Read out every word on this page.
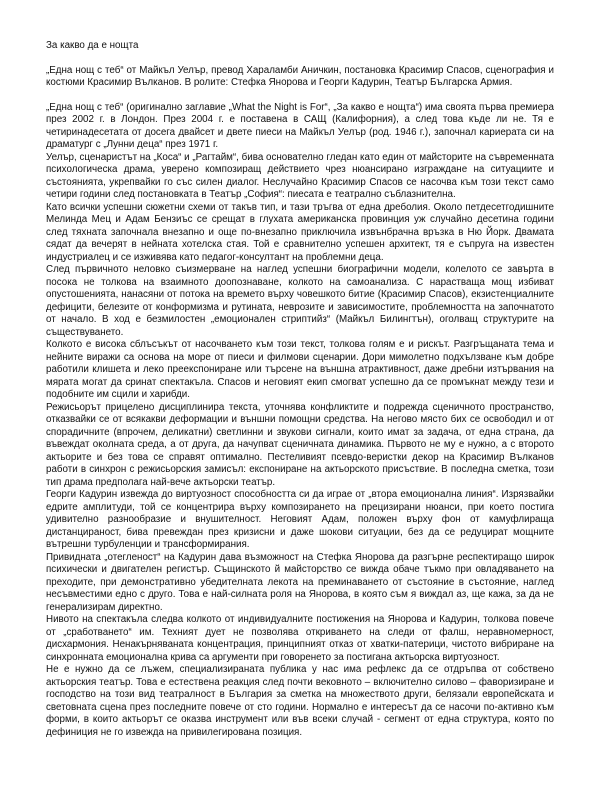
За какво да е нощта

„Една нощ с теб“ от Майкъл Уелър, превод Хараламби Аничкин, постановка Красимир Спасов, сценография и костюми Красимир Вълканов. В ролите: Стефка Янорова и Георги Кадурин, Театър Българска Армия.

„Една нощ с теб“ (оригинално заглавие „What the Night is For“, „За какво е нощта“) има своята първа премиера през 2002 г. в Лондон. През 2004 г. е поставена в САЩ (Калифорния), а след това къде ли не. Тя е четиринадесетата от досега двайсет и двете пиеси на Майкъл Уелър (род. 1946 г.), започнал кариерата си на драматург с „Лунни деца“ през 1971 г.

Уелър, сценаристът на „Коса“ и „Рагтайм“, бива основателно гледан като един от майсторите на съвременната психологическа драма, уверено композиращ действието чрез нюансирано изграждане на ситуациите и състоянията, укрепвайки го със силен диалог. Неслучайно Красимир Спасов се насочва към този текст само четири години след постановката в Театър „София“: пиесата е театрално съблазнителна.

Като всички успешни сюжетни схеми от такъв тип, и тази тръгва от една дреболия. Около петдесетгодишните Мелинда Мец и Адам Бензиъс се срещат в глухата американска провинция уж случайно десетина години след тяхната започнала внезапно и още по-внезапно приключила извънбрачна връзка в Ню Йорк. Двамата сядат да вечерят в нейната хотелска стая. Той е сравнително успешен архитект, тя е съпруга на известен индустриалец и се изживява като педагог-консултант на проблемни деца.

След първичното неловко съизмерване на наглед успешни биографични модели, колелото се завърта в посока не толкова на взаимното доопознаване, колкото на самоанализа. С нарастваща мощ избиват опустошенията, нанасяни от потока на времето върху човешкото битие (Красимир Спасов), екзистенциалните дефицити, белезите от конформизма и рутината, неврозите и зависимостите, проблемността на започнатото от начало. В ход е безмилостен „емоционален стриптийз“ (Майкъл Билингтън), оголващ структурите на съществуването.

Колкото е висока сблъсъкът от насочването към този текст, толкова голям е и рискът. Разгръщаната тема и нейните виражи са основа на море от пиеси и филмови сценарии. Дори мимолетно подхълзване към добре работили клишета и леко преекспониране или търсене на външна атрактивност, даже дребни изтървания на мярата могат да сринат спектакъла. Спасов и неговият екип смогват успешно да се промъкнат между тези и подобните им сцили и харибди.

Режисьорът прицелено дисциплинира текста, уточнява конфликтите и подрежда сценичното пространство, отказвайки се от всякакви деформации и външни помощни средства. На негово място бих се освободил и от спорадичните (впрочем, деликатни) светлинни и звукови сигнали, които имат за задача, от една страна, да въвеждат околната среда, а от друга, да начупват сценичната динамика. Първото не му е нужно, а с второто актьорите и без това се справят оптимално. Пестеливият псевдо-веристки декор на Красимир Вълканов работи в синхрон с режисьорския замисъл: експониране на актьорското присъствие. В последна сметка, този тип драма предполага най-вече актьорски театър.

Георги Кадурин извежда до виртуозност способността си да играе от „втора емоционална линия“. Изрязвайки едрите амплитуди, той се концентрира върху композирането на прецизирани нюанси, при което постига удивително разнообразие и внушителност. Неговият Адам, положен върху фон от камуфлираща дистанцираност, бива превеждан през кризисни и даже шокови ситуации, без да се редуцират мощните вътрешни турбуленции и трансформирания.

Привидната „отегленост“ на Кадурин дава възможност на Стефка Янорова да разгърне респектиращо широк психически и двигателен регистър. Същинското й майсторство се вижда обаче тъкмо при овладяването на преходите, при демонстративно убедителната лекота на преминаването от състояние в състояние, наглед несъвместими едно с друго. Това е най-силната роля на Янорова, в която съм я виждал аз, ще кажа, за да не генерализирам директно.

Нивото на спектакъла следва колкото от индивидуалните постижения на Янорова и Кадурин, толкова повече от „сработването“ им. Техният дует не позволява откриването на следи от фалш, неравномерност, дисхармония. Ненакърняваната концентрация, принципният отказ от хватки-патерици, чистото вибриране на синхронната емоционална крива са аргументи при говоренето за постигана актьорска виртуозност.

Не е нужно да се лъжем, специализираната публика у нас има рефлекс да се отдръпва от собствено актьорския театър. Това е естествена реакция след почти вековното – включително силово – фаворизиране и господство на този вид театралност в България за сметка на множеството други, белязали европейската и световната сцена през последните повече от сто години. Нормално е интересът да се насочи по-активно към форми, в които актьорът се оказва инструмент или във всеки случай - сегмент от една структура, която по дефиниция не го извежда на привилегирована позиция.
